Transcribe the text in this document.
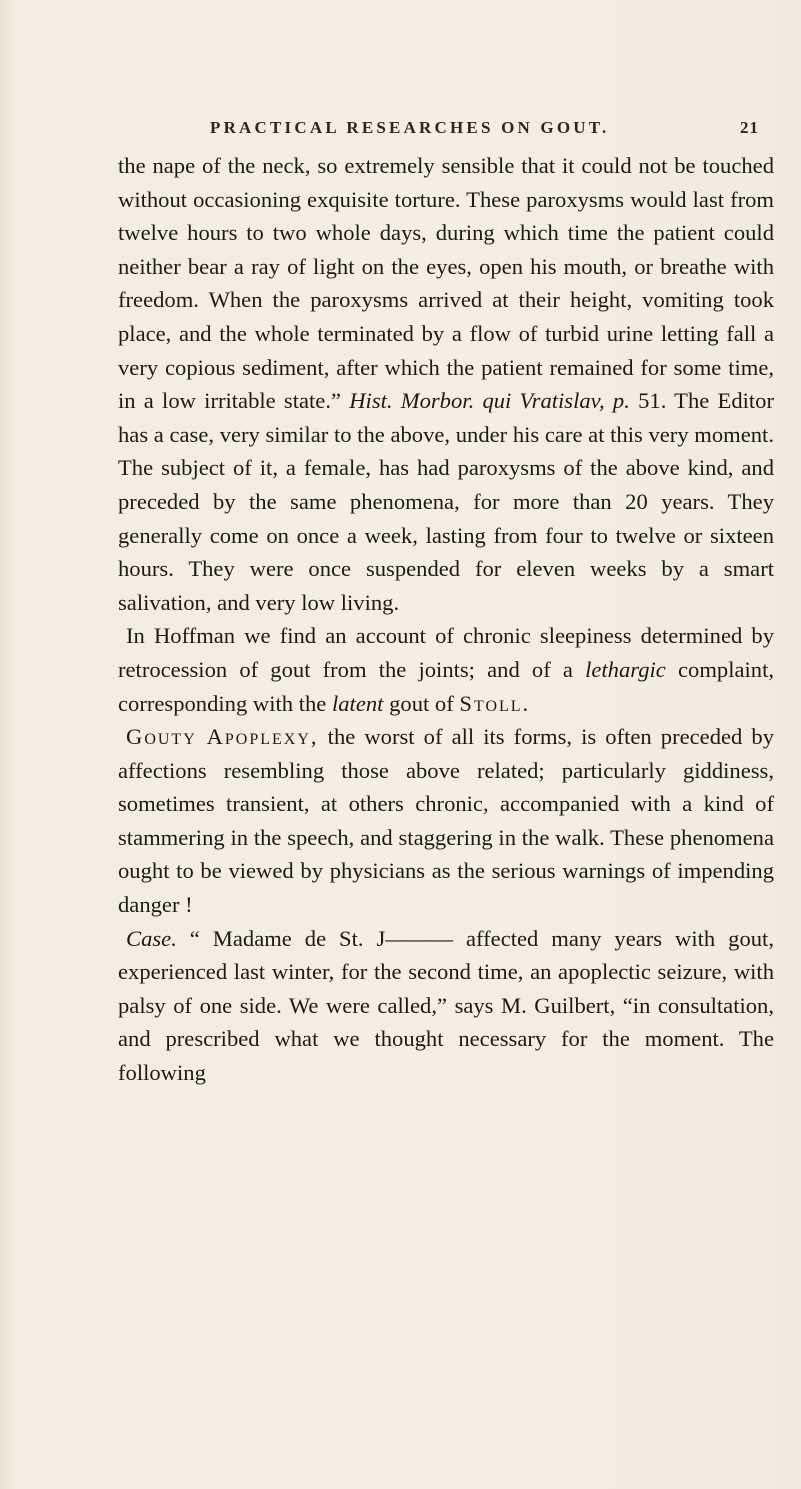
PRACTICAL RESEARCHES ON GOUT.	21

the nape of the neck, so extremely sensible that it could not be touched without occasioning exquisite torture. These paroxysms would last from twelve hours to two whole days, during which time the patient could neither bear a ray of light on the eyes, open his mouth, or breathe with freedom. When the paroxysms arrived at their height, vomiting took place, and the whole terminated by a flow of turbid urine letting fall a very copious sediment, after which the patient remained for some time, in a low irritable state.” Hist. Morbor. qui Vratislav, p. 51. The Editor has a case, very similar to the above, under his care at this very moment. The subject of it, a female, has had paroxysms of the above kind, and preceded by the same phenomena, for more than 20 years. They generally come on once a week, lasting from four to twelve or sixteen hours. They were once suspended for eleven weeks by a smart salivation, and very low living.

In Hoffman we find an account of chronic sleepiness determined by retrocession of gout from the joints; and of a lethargic complaint, corresponding with the latent gout of Stoll.

Gouty Apoplexy, the worst of all its forms, is often preceded by affections resembling those above related; particularly giddiness, sometimes transient, at others chronic, accompanied with a kind of stammering in the speech, and staggering in the walk. These phenomena ought to be viewed by physicians as the serious warnings of impending danger !

Case. “ Madame de St. J——— affected many years with gout, experienced last winter, for the second time, an apoplectic seizure, with palsy of one side. We were called,” says M. Guilbert, “in consultation, and prescribed what we thought necessary for the moment. The following
